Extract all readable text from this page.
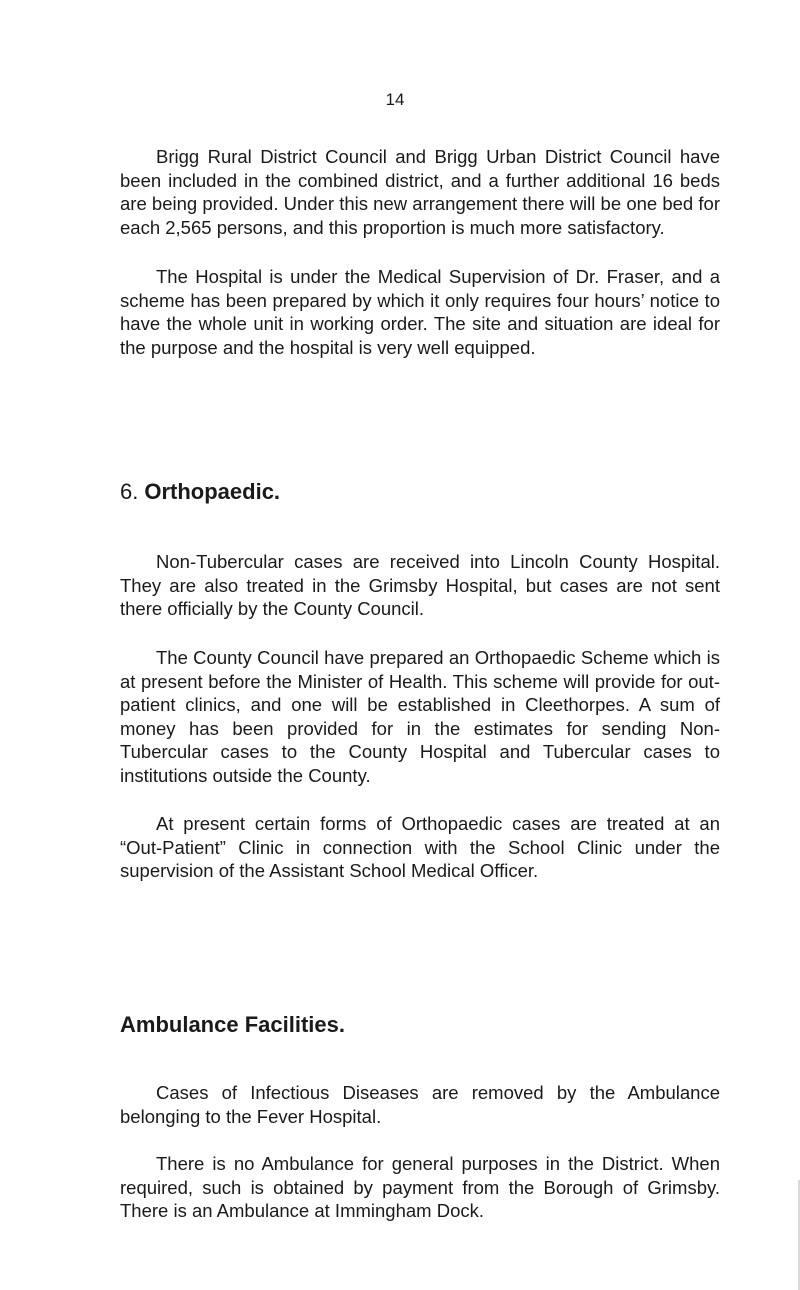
14

Brigg Rural District Council and Brigg Urban District Council have been included in the combined district, and a further additional 16 beds are being provided. Under this new arrangement there will be one bed for each 2,565 persons, and this proportion is much more satisfactory.

The Hospital is under the Medical Supervision of Dr. Fraser, and a scheme has been prepared by which it only requires four hours’ notice to have the whole unit in working order. The site and situation are ideal for the purpose and the hospital is very well equipped.

6. Orthopaedic.

Non-Tubercular cases are received into Lincoln County Hospital. They are also treated in the Grimsby Hospital, but cases are not sent there officially by the County Council.

The County Council have prepared an Orthopaedic Scheme which is at present before the Minister of Health. This scheme will provide for out-patient clinics, and one will be established in Cleethorpes. A sum of money has been provided for in the estimates for sending Non-Tubercular cases to the County Hospital and Tubercular cases to institutions outside the County.

At present certain forms of Orthopaedic cases are treated at an “Out-Patient” Clinic in connection with the School Clinic under the supervision of the Assistant School Medical Officer.

Ambulance Facilities.

Cases of Infectious Diseases are removed by the Ambulance belonging to the Fever Hospital.

There is no Ambulance for general purposes in the District. When required, such is obtained by payment from the Borough of Grimsby. There is an Ambulance at Immingham Dock.
